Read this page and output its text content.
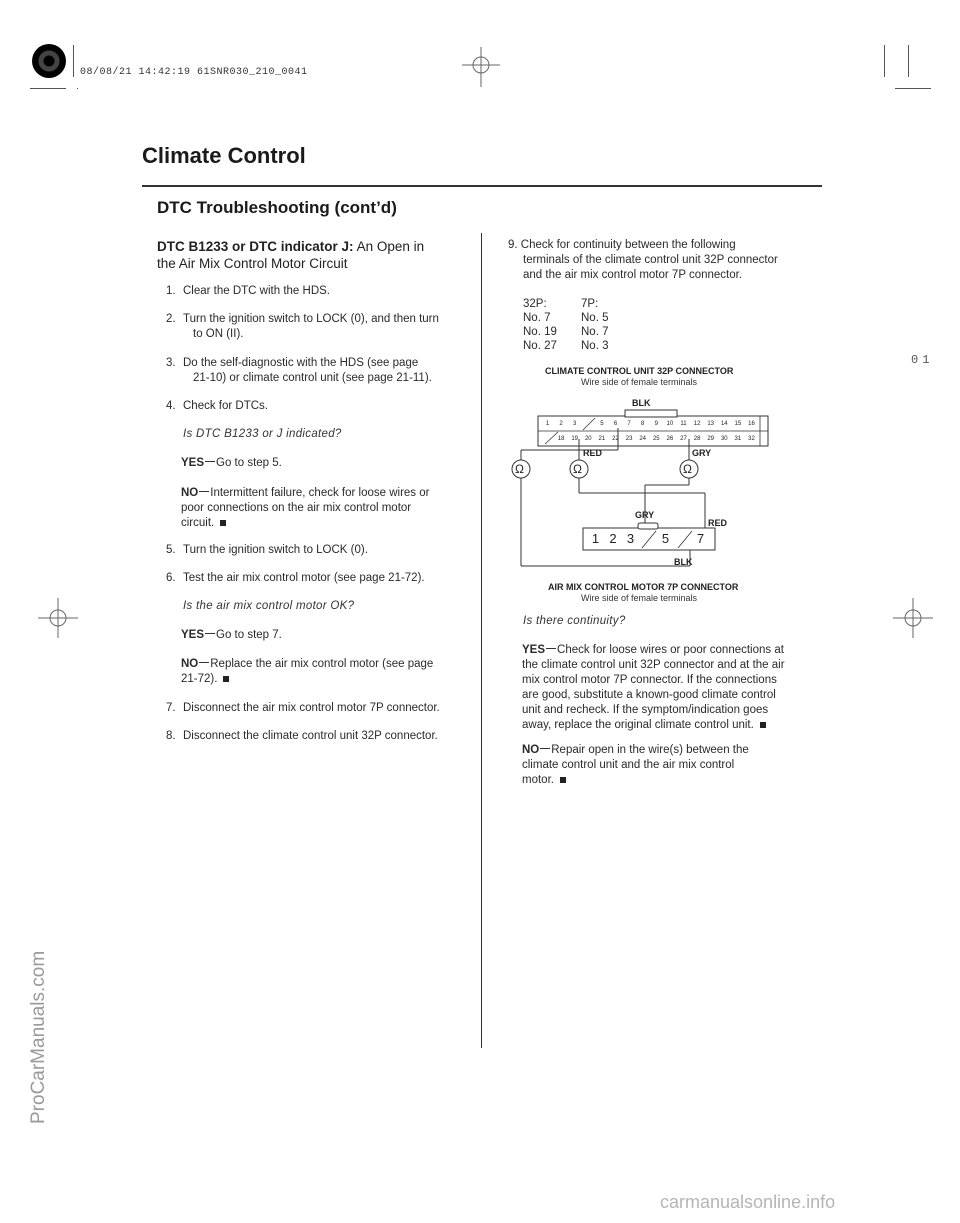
08/08/21 14:42:19 61SNR030_210_0041
Climate Control
DTC Troubleshooting (cont’d)
01
ProCarManuals.com
carmanualsonline.info
DTC B1233 or DTC indicator J: An Open in
the Air Mix Control Motor Circuit
1. Clear the DTC with the HDS.
2. Turn the ignition switch to LOCK (0), and then turn
to ON (II).
3. Do the self-diagnostic with the HDS (see page
21-10) or climate control unit (see page 21-11).
4. Check for DTCs.
Is DTC B1233 or J indicated?
YES Go to step 5.
NO Intermittent failure, check for loose wires or
poor connections on the air mix control motor
circuit.
5. Turn the ignition switch to LOCK (0).
6. Test the air mix control motor (see page 21-72).
Is the air mix control motor OK?
YES Go to step 7.
NO Replace the air mix control motor (see page
21-72).
7. Disconnect the air mix control motor 7P connector.
8. Disconnect the climate control unit 32P connector.
9. Check for continuity between the following
terminals of the climate control unit 32P connector
and the air mix control motor 7P connector.
32P:	7P:
No. 7	No. 5
No. 19 No. 7
No. 27 No. 3
CLIMATE CONTROL UNIT 32P CONNECTOR
Wire side of female terminals
Ω	Ω	Ω
BLK
RED	GRY
GRY
RED
BLK
1	2	3	5	6	7	8	9	10	11	12	13	14	15	16
18	19	20	21	22	23	24	25	26	27	28	29	30	31	32
1 2 3 5 7
AIR MIX CONTROL MOTOR 7P CONNECTOR
Wire side of female terminals
Is there continuity?
YES Check for loose wires or poor connections at
the climate control unit 32P connector and at the air
mix control motor 7P connector. If the connections
are good, substitute a known-good climate control
unit and recheck. If the symptom/indication goes
away, replace the original climate control unit.
NO Repair open in the wire(s) between the
climate control unit and the air mix control
motor.
